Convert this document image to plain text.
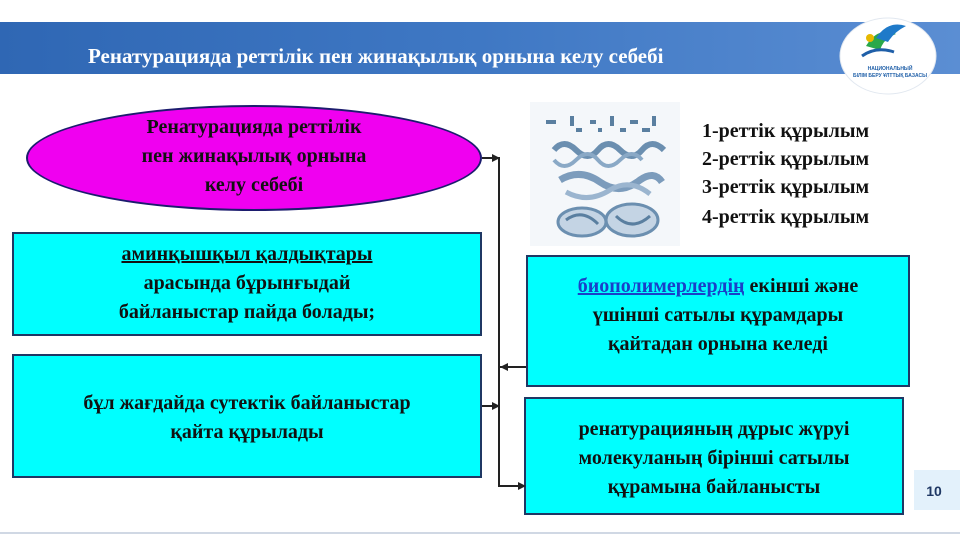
Ренатурацияда реттілік пен жинақылық орнына келу себебі
НАЦИОНАЛЬНЫЙ
БІЛІМ БЕРУ ҰЛТТЫҚ БАЗАСЫ
Ренатурацияда реттілік
пен жинақылық орнына
келу себебі
аминқышқыл қалдықтары
арасында бұрынғыдай
байланыстар пайда болады;
бұл жағдайда сутектік байланыстар
қайта құрылады
биополимерлердің екінші және
үшінші сатылы құрамдары
қайтадан орнына келеді
ренатурацияның дұрыс жүруі
молекуланың бірінші сатылы
құрамына байланысты
1-реттік құрылым
2-реттік құрылым
3-реттік құрылым
4-реттік құрылым
10
